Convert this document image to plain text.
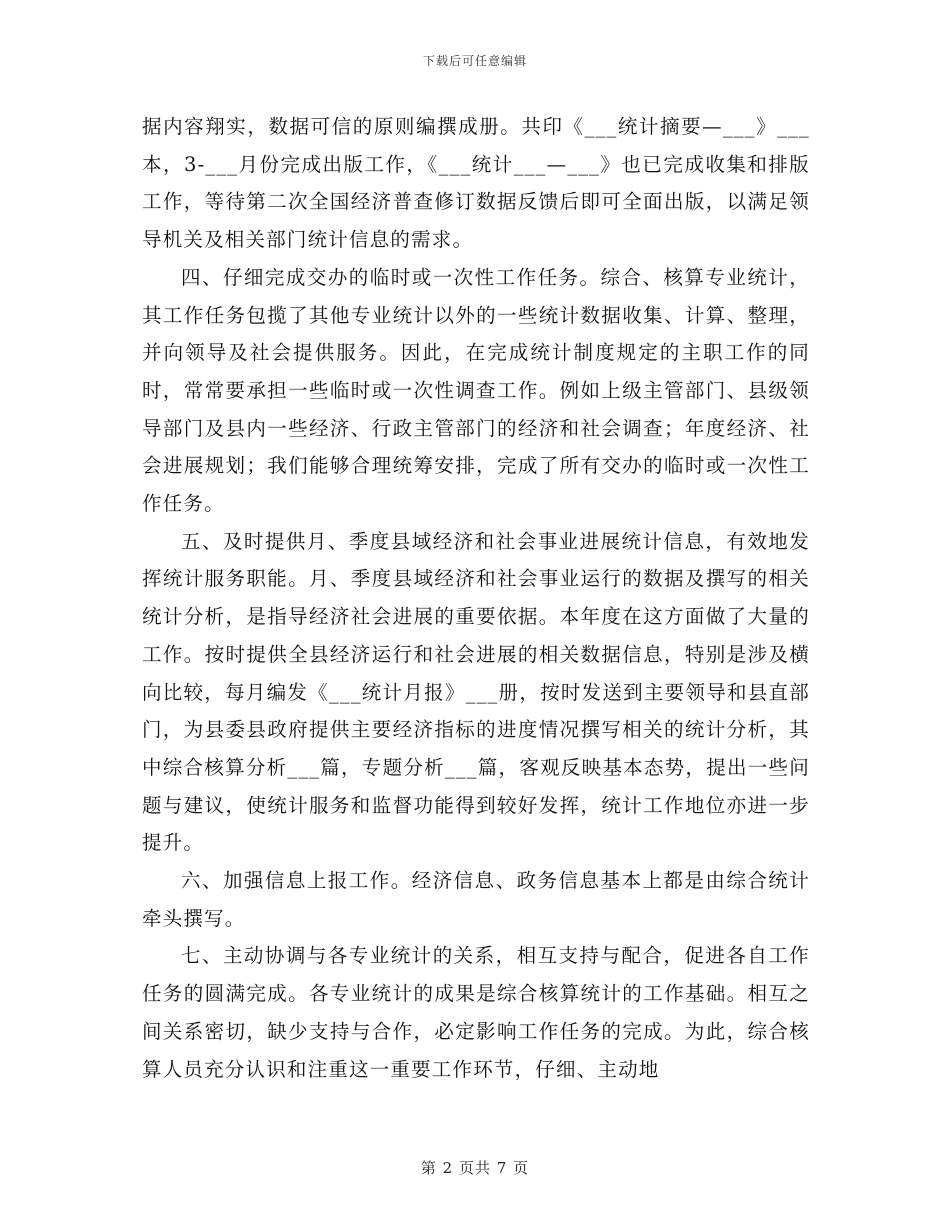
下载后可任意编辑

据内容翔实，数据可信的原则编撰成册。共印《___统计摘要—___》___本，3-___月份完成出版工作，《___统计___—___》也已完成收集和排版工作，等待第二次全国经济普查修订数据反馈后即可全面出版，以满足领导机关及相关部门统计信息的需求。

四、仔细完成交办的临时或一次性工作任务。综合、核算专业统计，其工作任务包揽了其他专业统计以外的一些统计数据收集、计算、整理，并向领导及社会提供服务。因此，在完成统计制度规定的主职工作的同时，常常要承担一些临时或一次性调查工作。例如上级主管部门、县级领导部门及县内一些经济、行政主管部门的经济和社会调查；年度经济、社会进展规划；我们能够合理统筹安排，完成了所有交办的临时或一次性工作任务。

五、及时提供月、季度县域经济和社会事业进展统计信息，有效地发挥统计服务职能。月、季度县域经济和社会事业运行的数据及撰写的相关统计分析，是指导经济社会进展的重要依据。本年度在这方面做了大量的工作。按时提供全县经济运行和社会进展的相关数据信息，特别是涉及横向比较，每月编发《___统计月报》___册，按时发送到主要领导和县直部门，为县委县政府提供主要经济指标的进度情况撰写相关的统计分析，其中综合核算分析___篇，专题分析___篇，客观反映基本态势，提出一些问题与建议，使统计服务和监督功能得到较好发挥，统计工作地位亦进一步提升。

六、加强信息上报工作。经济信息、政务信息基本上都是由综合统计牵头撰写。

七、主动协调与各专业统计的关系，相互支持与配合，促进各自工作任务的圆满完成。各专业统计的成果是综合核算统计的工作基础。相互之间关系密切，缺少支持与合作，必定影响工作任务的完成。为此，综合核算人员充分认识和注重这一重要工作环节，仔细、主动地

第 2 页共 7 页
